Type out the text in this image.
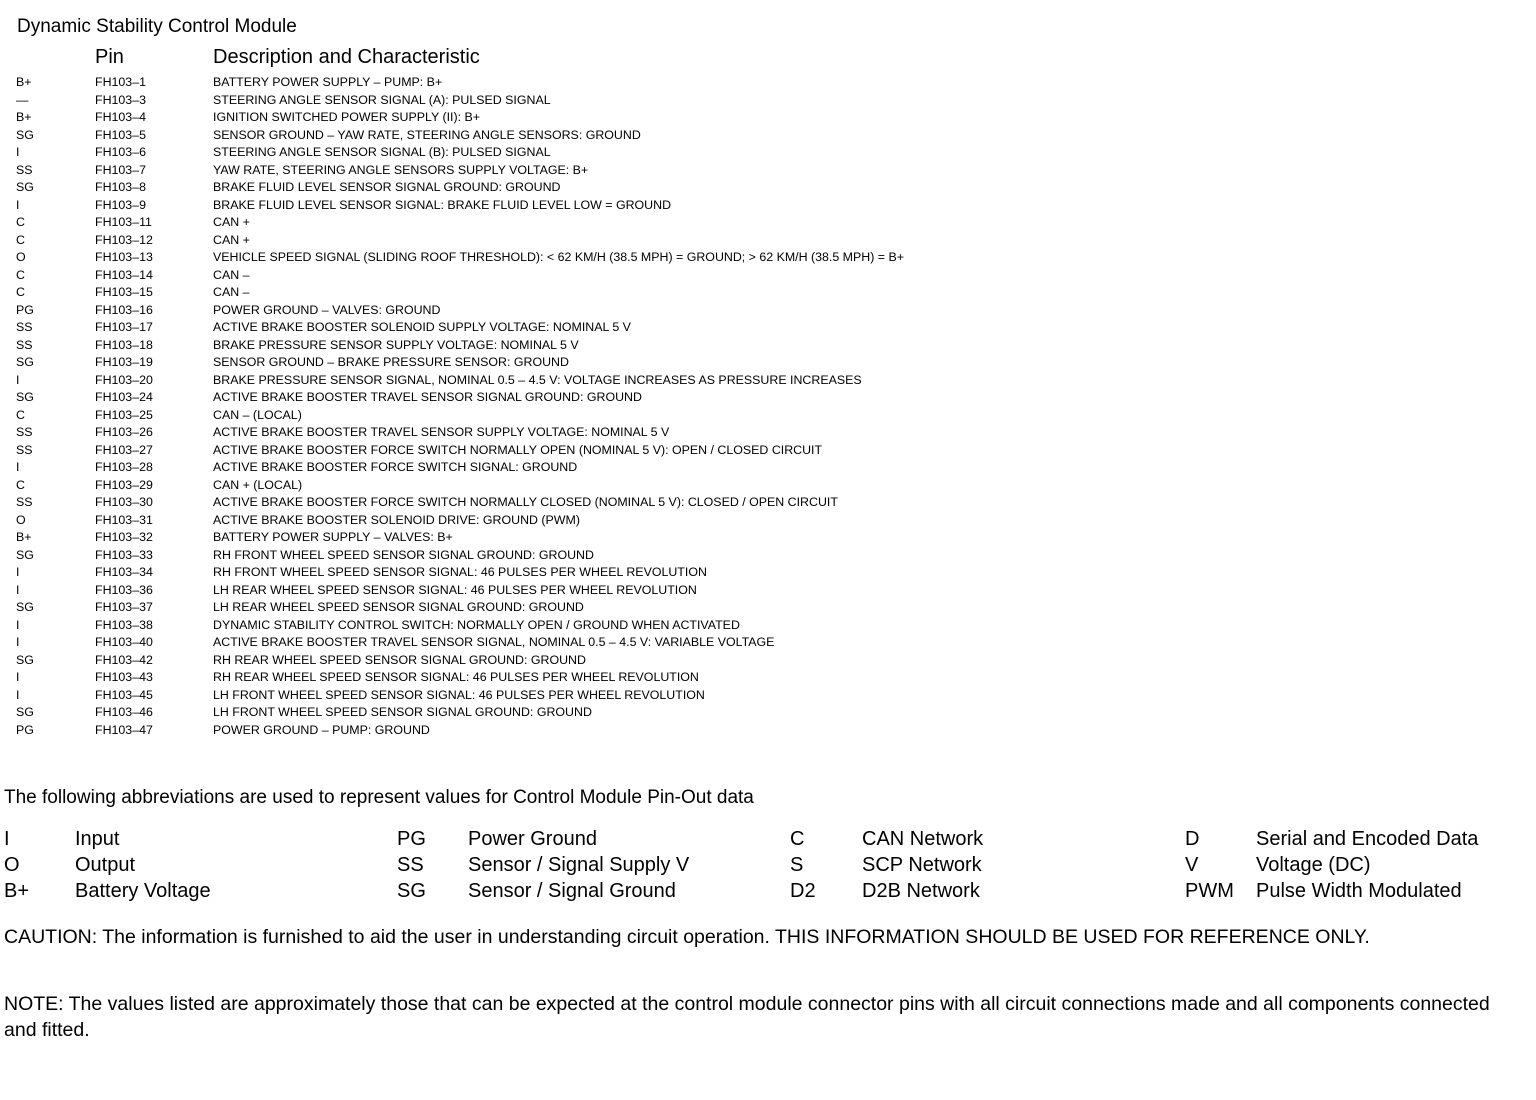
Dynamic Stability Control Module
Pin	Description and Characteristic
B+	FH103–1	BATTERY POWER SUPPLY – PUMP: B+
—	FH103–3	STEERING ANGLE SENSOR SIGNAL (A): PULSED SIGNAL
B+	FH103–4	IGNITION SWITCHED POWER SUPPLY (II): B+
SG	FH103–5	SENSOR GROUND – YAW RATE, STEERING ANGLE SENSORS: GROUND
I	FH103–6	STEERING ANGLE SENSOR SIGNAL (B): PULSED SIGNAL
SS	FH103–7	YAW RATE, STEERING ANGLE SENSORS SUPPLY VOLTAGE: B+
SG	FH103–8	BRAKE FLUID LEVEL SENSOR SIGNAL GROUND: GROUND
I	FH103–9	BRAKE FLUID LEVEL SENSOR SIGNAL: BRAKE FLUID LEVEL LOW = GROUND
C	FH103–11	CAN +
C	FH103–12	CAN +
O	FH103–13	VEHICLE SPEED SIGNAL (SLIDING ROOF THRESHOLD): < 62 KM/H (38.5 MPH) = GROUND; > 62 KM/H (38.5 MPH) = B+
C	FH103–14	CAN –
C	FH103–15	CAN –
PG	FH103–16	POWER GROUND – VALVES: GROUND
SS	FH103–17	ACTIVE BRAKE BOOSTER SOLENOID SUPPLY VOLTAGE: NOMINAL 5 V
SS	FH103–18	BRAKE PRESSURE SENSOR SUPPLY VOLTAGE: NOMINAL 5 V
SG	FH103–19	SENSOR GROUND – BRAKE PRESSURE SENSOR: GROUND
I	FH103–20	BRAKE PRESSURE SENSOR SIGNAL, NOMINAL 0.5 – 4.5 V: VOLTAGE INCREASES AS PRESSURE INCREASES
SG	FH103–24	ACTIVE BRAKE BOOSTER TRAVEL SENSOR SIGNAL GROUND: GROUND
C	FH103–25	CAN – (LOCAL)
SS	FH103–26	ACTIVE BRAKE BOOSTER TRAVEL SENSOR SUPPLY VOLTAGE: NOMINAL 5 V
SS	FH103–27	ACTIVE BRAKE BOOSTER FORCE SWITCH NORMALLY OPEN (NOMINAL 5 V): OPEN / CLOSED CIRCUIT
I	FH103–28	ACTIVE BRAKE BOOSTER FORCE SWITCH SIGNAL: GROUND
C	FH103–29	CAN + (LOCAL)
SS	FH103–30	ACTIVE BRAKE BOOSTER FORCE SWITCH NORMALLY CLOSED (NOMINAL 5 V): CLOSED / OPEN CIRCUIT
O	FH103–31	ACTIVE BRAKE BOOSTER SOLENOID DRIVE: GROUND (PWM)
B+	FH103–32	BATTERY POWER SUPPLY – VALVES: B+
SG	FH103–33	RH FRONT WHEEL SPEED SENSOR SIGNAL GROUND: GROUND
I	FH103–34	RH FRONT WHEEL SPEED SENSOR SIGNAL: 46 PULSES PER WHEEL REVOLUTION
I	FH103–36	LH REAR WHEEL SPEED SENSOR SIGNAL: 46 PULSES PER WHEEL REVOLUTION
SG	FH103–37	LH REAR WHEEL SPEED SENSOR SIGNAL GROUND: GROUND
I	FH103–38	DYNAMIC STABILITY CONTROL SWITCH: NORMALLY OPEN / GROUND WHEN ACTIVATED
I	FH103–40	ACTIVE BRAKE BOOSTER TRAVEL SENSOR SIGNAL, NOMINAL 0.5 – 4.5 V: VARIABLE VOLTAGE
SG	FH103–42	RH REAR WHEEL SPEED SENSOR SIGNAL GROUND: GROUND
I	FH103–43	RH REAR WHEEL SPEED SENSOR SIGNAL: 46 PULSES PER WHEEL REVOLUTION
I	FH103–45	LH FRONT WHEEL SPEED SENSOR SIGNAL: 46 PULSES PER WHEEL REVOLUTION
SG	FH103–46	LH FRONT WHEEL SPEED SENSOR SIGNAL GROUND: GROUND
PG	FH103–47	POWER GROUND – PUMP: GROUND
The following abbreviations are used to represent values for Control Module Pin-Out data
I	Input	PG Power Ground	C	CAN Network	D	Serial and Encoded Data
O	Output	SS Sensor / Signal Supply V	S	SCP Network	V	Voltage (DC)
B+ Battery Voltage	SG Sensor / Signal Ground	D2 D2B Network	PWM Pulse Width Modulated
CAUTION: The information is furnished to aid the user in understanding circuit operation. THIS INFORMATION SHOULD BE USED FOR REFERENCE ONLY.
NOTE: The values listed are approximately those that can be expected at the control module connector pins with all circuit connections made and all components connected and fitted.
